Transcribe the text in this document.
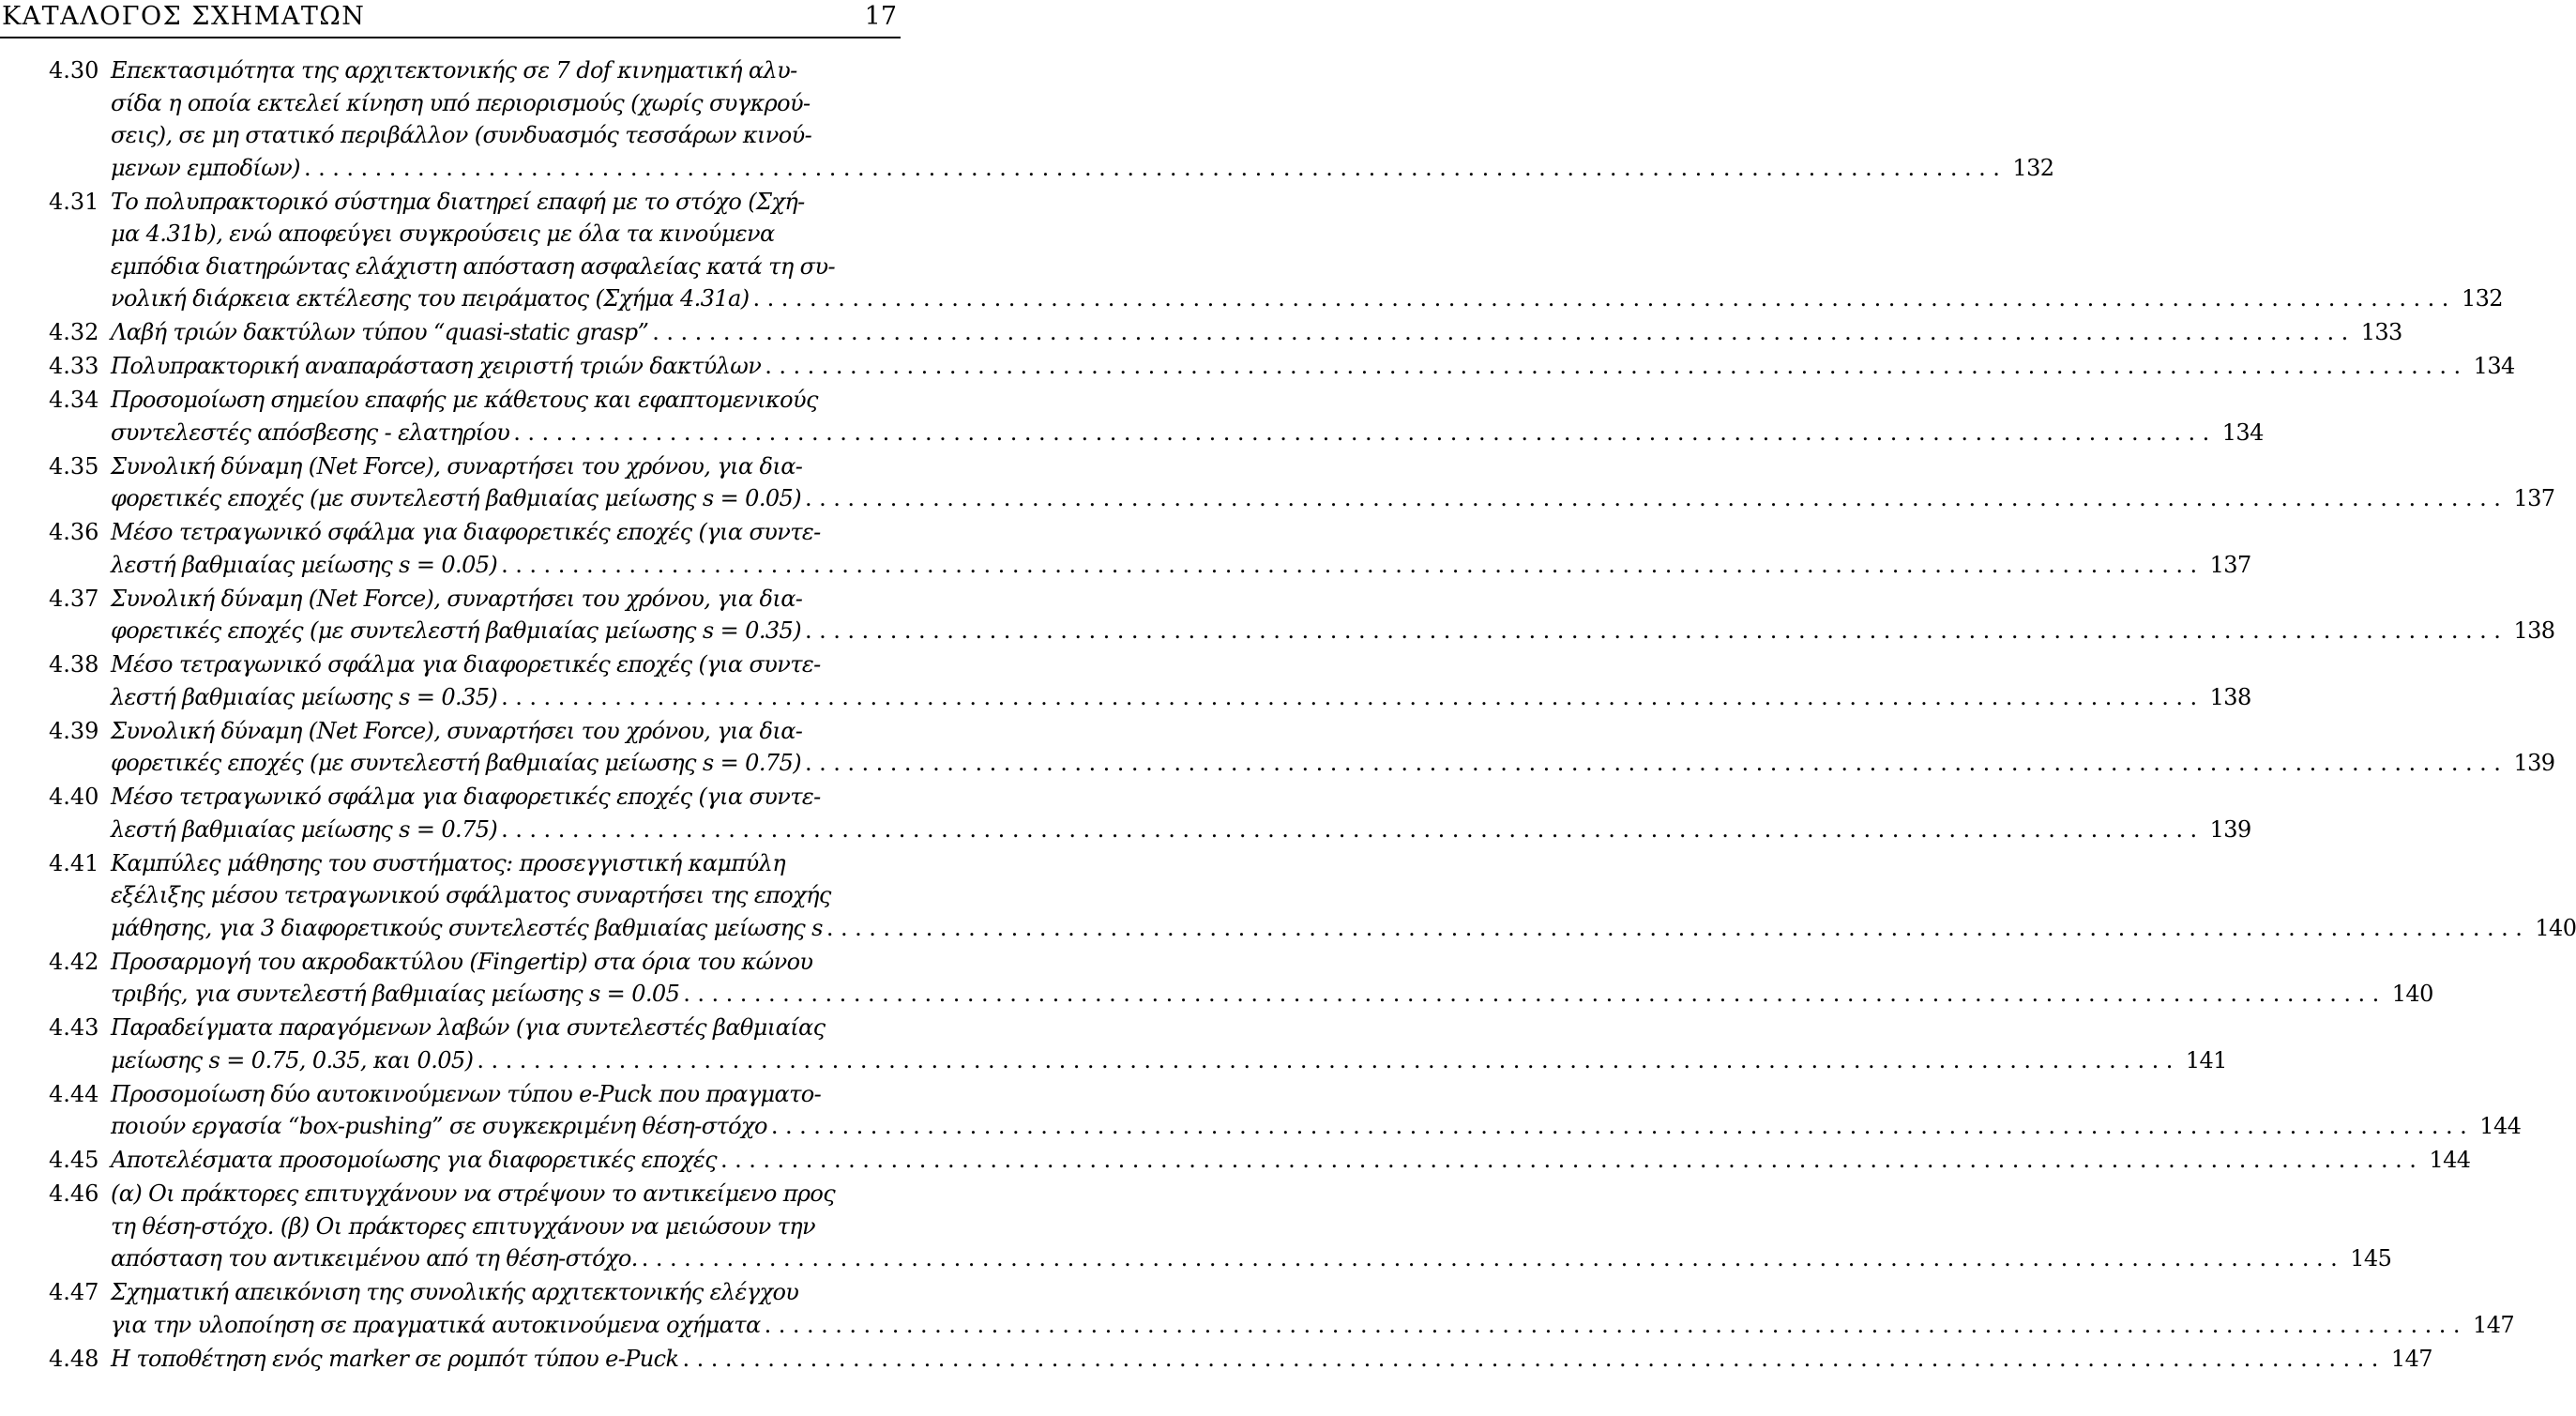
ΚΑΤΑΛΟΓΟΣ ΣΧΗΜΑΤΩΝ	17
4.30 Επεκτασιμότητα της αρχιτεκτονικής σε 7 dof κινηματική αλυ-
σίδα η οποία εκτελεί κίνηση υπό περιορισμούς (χωρίς συγκρού-
σεις), σε μη στατικό περιβάλλον (συνδυασμός τεσσάρων κινού-
μενων εμποδίων) ........................................................................................................................ 132
4.31 Το πολυπρακτορικό σύστημα διατηρεί επαφή με το στόχο (Σχή-
μα 4.31b), ενώ αποφεύγει συγκρούσεις με όλα τα κινούμενα
εμπόδια διατηρώντας ελάχιστη απόσταση ασφαλείας κατά τη συ-
νολική διάρκεια εκτέλεσης του πειράματος (Σχήμα 4.31a) ........................................................................................................................ 132
4.32 Λαβή τριών δακτύλων τύπου “quasi-static grasp” ........................................................................................................................ 133
4.33 Πολυπρακτορική αναπαράσταση χειριστή τριών δακτύλων ........................................................................................................................ 134
4.34 Προσομοίωση σημείου επαφής με κάθετους και εφαπτομενικούς
συντελεστές απόσβεσης - ελατηρίου ........................................................................................................................ 134
4.35 Συνολική δύναμη (Net Force), συναρτήσει του χρόνου, για δια-
φορετικές εποχές (με συντελεστή βαθμιαίας μείωσης s = 0.05) ........................................................................................................................ 137
4.36 Μέσο τετραγωνικό σφάλμα για διαφορετικές εποχές (για συντε-
λεστή βαθμιαίας μείωσης s = 0.05) ........................................................................................................................ 137
4.37 Συνολική δύναμη (Net Force), συναρτήσει του χρόνου, για δια-
φορετικές εποχές (με συντελεστή βαθμιαίας μείωσης s = 0.35) ........................................................................................................................ 138
4.38 Μέσο τετραγωνικό σφάλμα για διαφορετικές εποχές (για συντε-
λεστή βαθμιαίας μείωσης s = 0.35) ........................................................................................................................ 138
4.39 Συνολική δύναμη (Net Force), συναρτήσει του χρόνου, για δια-
φορετικές εποχές (με συντελεστή βαθμιαίας μείωσης s = 0.75) ........................................................................................................................ 139
4.40 Μέσο τετραγωνικό σφάλμα για διαφορετικές εποχές (για συντε-
λεστή βαθμιαίας μείωσης s = 0.75) ........................................................................................................................ 139
4.41 Καμπύλες μάθησης του συστήματος: προσεγγιστική καμπύλη
εξέλιξης μέσου τετραγωνικού σφάλματος συναρτήσει της εποχής
μάθησης, για 3 διαφορετικούς συντελεστές βαθμιαίας μείωσης s ........................................................................................................................ 140
4.42 Προσαρμογή του ακροδακτύλου (Fingertip) στα όρια του κώνου
τριβής, για συντελεστή βαθμιαίας μείωσης s = 0.05 ........................................................................................................................ 140
4.43 Παραδείγματα παραγόμενων λαβών (για συντελεστές βαθμιαίας
μείωσης s = 0.75, 0.35, και 0.05) ........................................................................................................................ 141
4.44 Προσομοίωση δύο αυτοκινούμενων τύπου e-Puck που πραγματο-
ποιούν εργασία “box-pushing” σε συγκεκριμένη θέση-στόχο ........................................................................................................................ 144
4.45 Αποτελέσματα προσομοίωσης για διαφορετικές εποχές ........................................................................................................................ 144
4.46 (α) Οι πράκτορες επιτυγχάνουν να στρέψουν το αντικείμενο προς
τη θέση-στόχο. (β) Οι πράκτορες επιτυγχάνουν να μειώσουν την
απόσταση του αντικειμένου από τη θέση-στόχο. ........................................................................................................................ 145
4.47 Σχηματική απεικόνιση της συνολικής αρχιτεκτονικής ελέγχου
για την υλοποίηση σε πραγματικά αυτοκινούμενα οχήματα ........................................................................................................................ 147
4.48 Η τοποθέτηση ενός marker σε ρομπότ τύπου e-Puck ........................................................................................................................ 147
